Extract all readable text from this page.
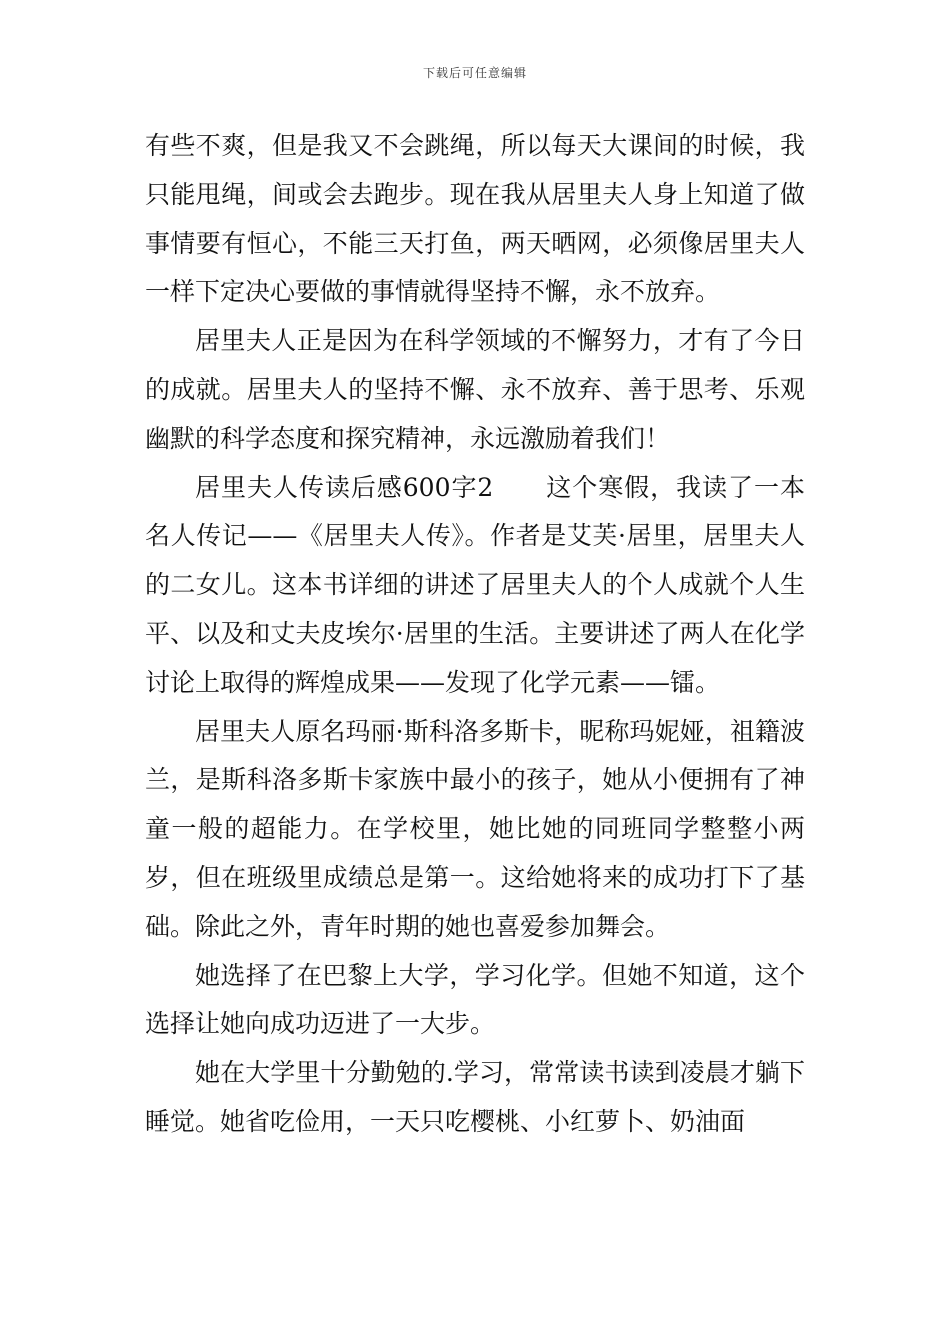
下载后可任意编辑

有些不爽，但是我又不会跳绳，所以每天大课间的时候，我只能甩绳，间或会去跑步。现在我从居里夫人身上知道了做事情要有恒心，不能三天打鱼，两天晒网，必须像居里夫人一样下定决心要做的事情就得坚持不懈，永不放弃。

居里夫人正是因为在科学领域的不懈努力，才有了今日的成就。居里夫人的坚持不懈、永不放弃、善于思考、乐观幽默的科学态度和探究精神，永远激励着我们！

居里夫人传读后感600字2　　这个寒假，我读了一本名人传记——《居里夫人传》。作者是艾芙·居里，居里夫人的二女儿。这本书详细的讲述了居里夫人的个人成就个人生平、以及和丈夫皮埃尔·居里的生活。主要讲述了两人在化学讨论上取得的辉煌成果——发现了化学元素——镭。

居里夫人原名玛丽·斯科洛多斯卡，昵称玛妮娅，祖籍波兰，是斯科洛多斯卡家族中最小的孩子，她从小便拥有了神童一般的超能力。在学校里，她比她的同班同学整整小两岁，但在班级里成绩总是第一。这给她将来的成功打下了基础。除此之外，青年时期的她也喜爱参加舞会。

她选择了在巴黎上大学，学习化学。但她不知道，这个选择让她向成功迈进了一大步。

她在大学里十分勤勉的.学习，常常读书读到凌晨才躺下睡觉。她省吃俭用，一天只吃樱桃、小红萝卜、奶油面
